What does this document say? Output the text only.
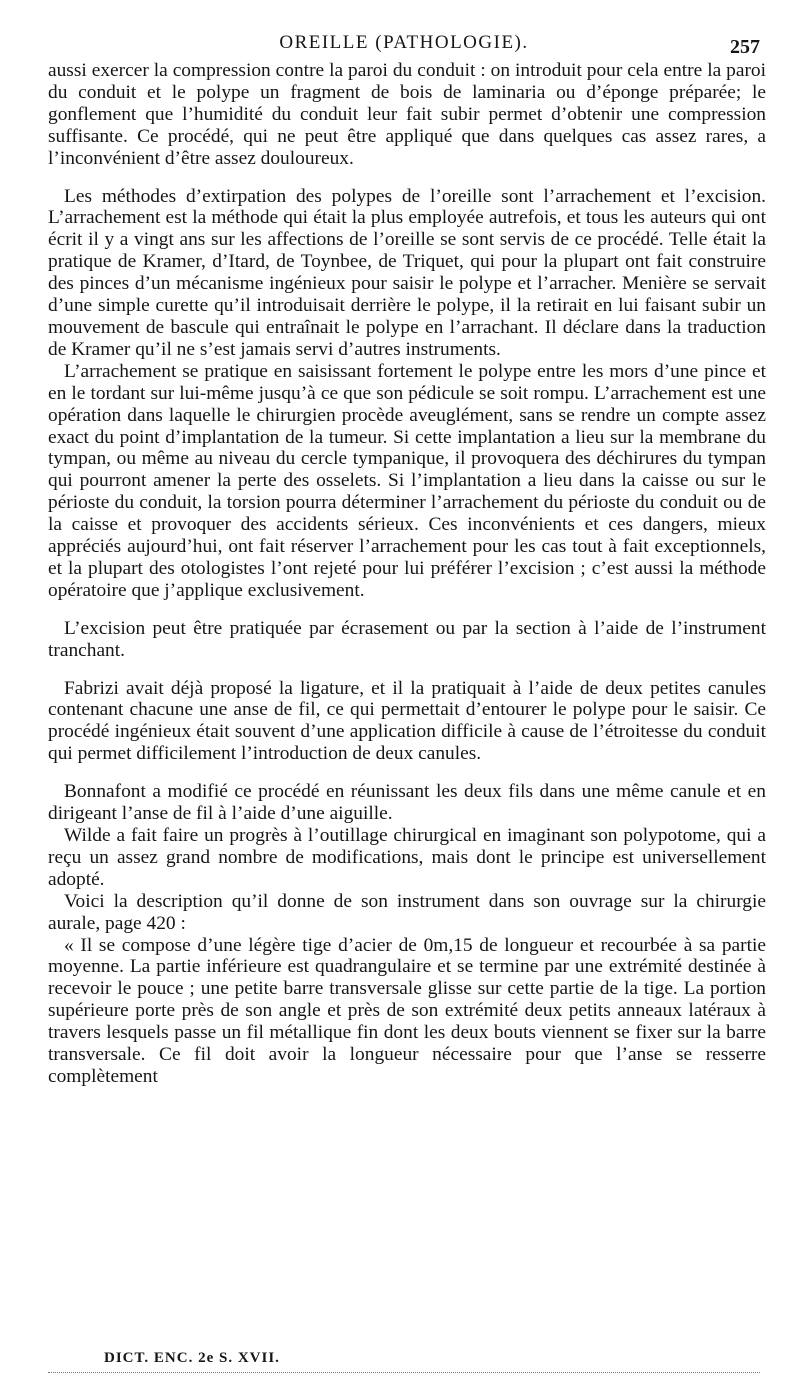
OREILLE (PATHOLOGIE).	257

aussi exercer la compression contre la paroi du conduit : on introduit pour cela entre la paroi du conduit et le polype un fragment de bois de laminaria ou d’éponge préparée; le gonflement que l’humidité du conduit leur fait subir permet d’obtenir une compression suffisante. Ce procédé, qui ne peut être appliqué que dans quelques cas assez rares, a l’inconvénient d’être assez douloureux.

Les méthodes d’extirpation des polypes de l’oreille sont l’arrachement et l’excision. L’arrachement est la méthode qui était la plus employée autrefois, et tous les auteurs qui ont écrit il y a vingt ans sur les affections de l’oreille se sont servis de ce procédé. Telle était la pratique de Kramer, d’Itard, de Toynbee, de Triquet, qui pour la plupart ont fait construire des pinces d’un mécanisme ingénieux pour saisir le polype et l’arracher. Menière se servait d’une simple curette qu’il introduisait derrière le polype, il la retirait en lui faisant subir un mouvement de bascule qui entraînait le polype en l’arrachant. Il déclare dans la traduction de Kramer qu’il ne s’est jamais servi d’autres instruments.

L’arrachement se pratique en saisissant fortement le polype entre les mors d’une pince et en le tordant sur lui-même jusqu’à ce que son pédicule se soit rompu. L’arrachement est une opération dans laquelle le chirurgien procède aveuglément, sans se rendre un compte assez exact du point d’implantation de la tumeur. Si cette implantation a lieu sur la membrane du tympan, ou même au niveau du cercle tympanique, il provoquera des déchirures du tympan qui pourront amener la perte des osselets. Si l’implantation a lieu dans la caisse ou sur le périoste du conduit, la torsion pourra déterminer l’arrachement du périoste du conduit ou de la caisse et provoquer des accidents sérieux. Ces inconvénients et ces dangers, mieux appréciés aujourd’hui, ont fait réserver l’arrachement pour les cas tout à fait exceptionnels, et la plupart des otologistes l’ont rejeté pour lui préférer l’excision ; c’est aussi la méthode opératoire que j’applique exclusivement.

L’excision peut être pratiquée par écrasement ou par la section à l’aide de l’instrument tranchant.

Fabrizi avait déjà proposé la ligature, et il la pratiquait à l’aide de deux petites canules contenant chacune une anse de fil, ce qui permettait d’entourer le polype pour le saisir. Ce procédé ingénieux était souvent d’une application difficile à cause de l’étroitesse du conduit qui permet difficilement l’introduction de deux canules.

Bonnafont a modifié ce procédé en réunissant les deux fils dans une même canule et en dirigeant l’anse de fil à l’aide d’une aiguille.

Wilde a fait faire un progrès à l’outillage chirurgical en imaginant son polypotome, qui a reçu un assez grand nombre de modifications, mais dont le principe est universellement adopté.

Voici la description qu’il donne de son instrument dans son ouvrage sur la chirurgie aurale, page 420 :

« Il se compose d’une légère tige d’acier de 0m,15 de longueur et recourbée à sa partie moyenne. La partie inférieure est quadrangulaire et se termine par une extrémité destinée à recevoir le pouce ; une petite barre transversale glisse sur cette partie de la tige. La portion supérieure porte près de son angle et près de son extrémité deux petits anneaux latéraux à travers lesquels passe un fil métallique fin dont les deux bouts viennent se fixer sur la barre transversale. Ce fil doit avoir la longueur nécessaire pour que l’anse se resserre complètement

DICT. ENC. 2e S. XVII.
